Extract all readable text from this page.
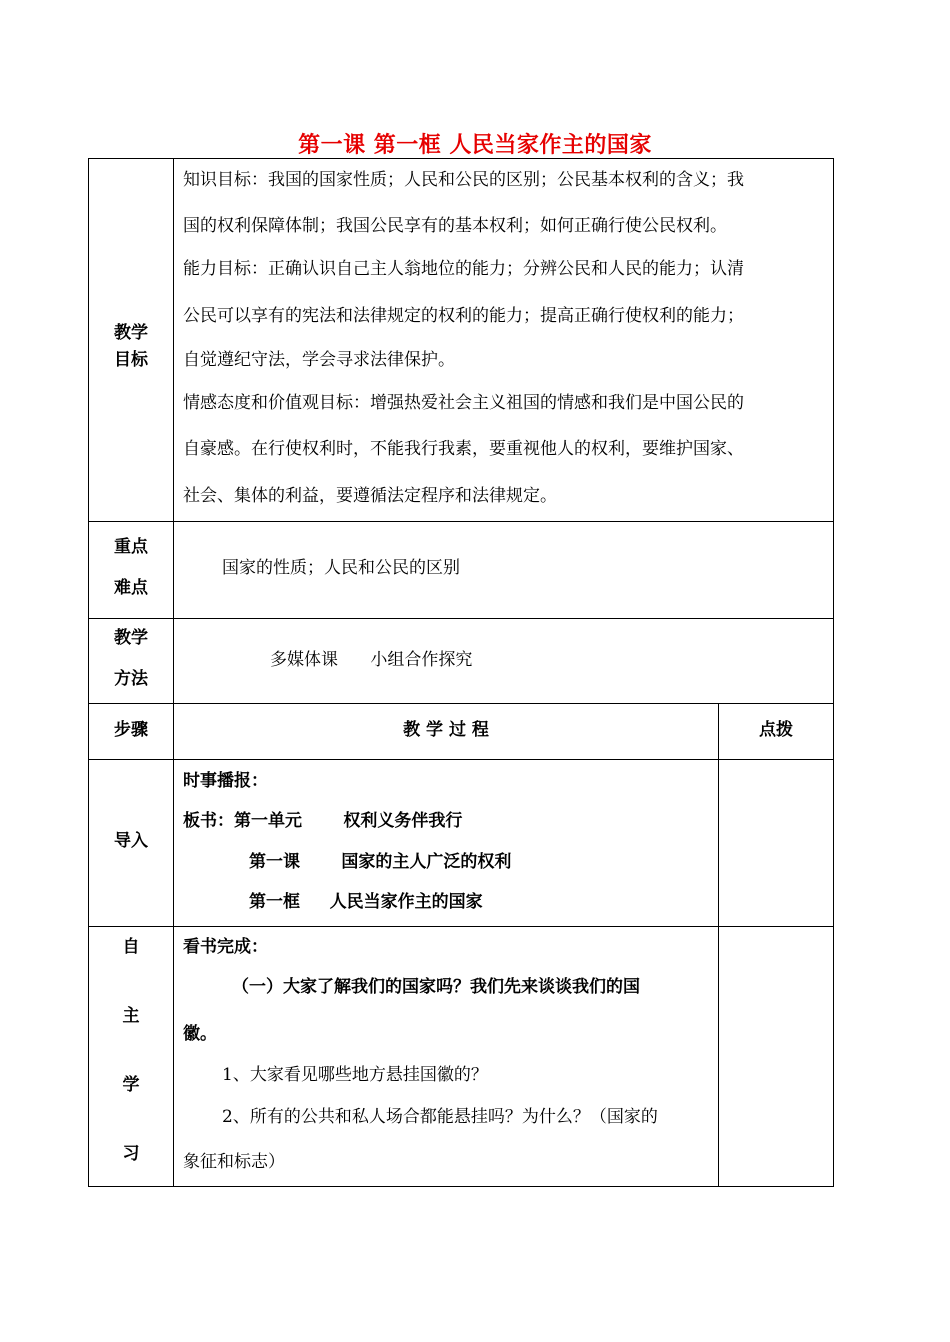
第一课 第一框 人民当家作主的国家
教学
目标
知识目标：我国的国家性质；人民和公民的区别；公民基本权利的含义；我
国的权利保障体制；我国公民享有的基本权利；如何正确行使公民权利。
能力目标：正确认识自己主人翁地位的能力；分辨公民和人民的能力；认清
公民可以享有的宪法和法律规定的权利的能力；提高正确行使权利的能力；
自觉遵纪守法，学会寻求法律保护。
情感态度和价值观目标：增强热爱社会主义祖国的情感和我们是中国公民的
自豪感。在行使权利时，不能我行我素，要重视他人的权利，要维护国家、
社会、集体的利益，要遵循法定程序和法律规定。
重点
难点
国家的性质；人民和公民的区别
教学
方法
多媒体课      小组合作探究
步骤	教 学 过 程	点拨
导入
时事播报：
板书：第一单元       权利义务伴我行
第一课       国家的主人广泛的权利
第一框     人民当家作主的国家
自
主
学
习
看书完成：
（一）大家了解我们的国家吗？我们先来谈谈我们的国
徽。
1、大家看见哪些地方悬挂国徽的？
2、所有的公共和私人场合都能悬挂吗？为什么？（国家的
象征和标志）
